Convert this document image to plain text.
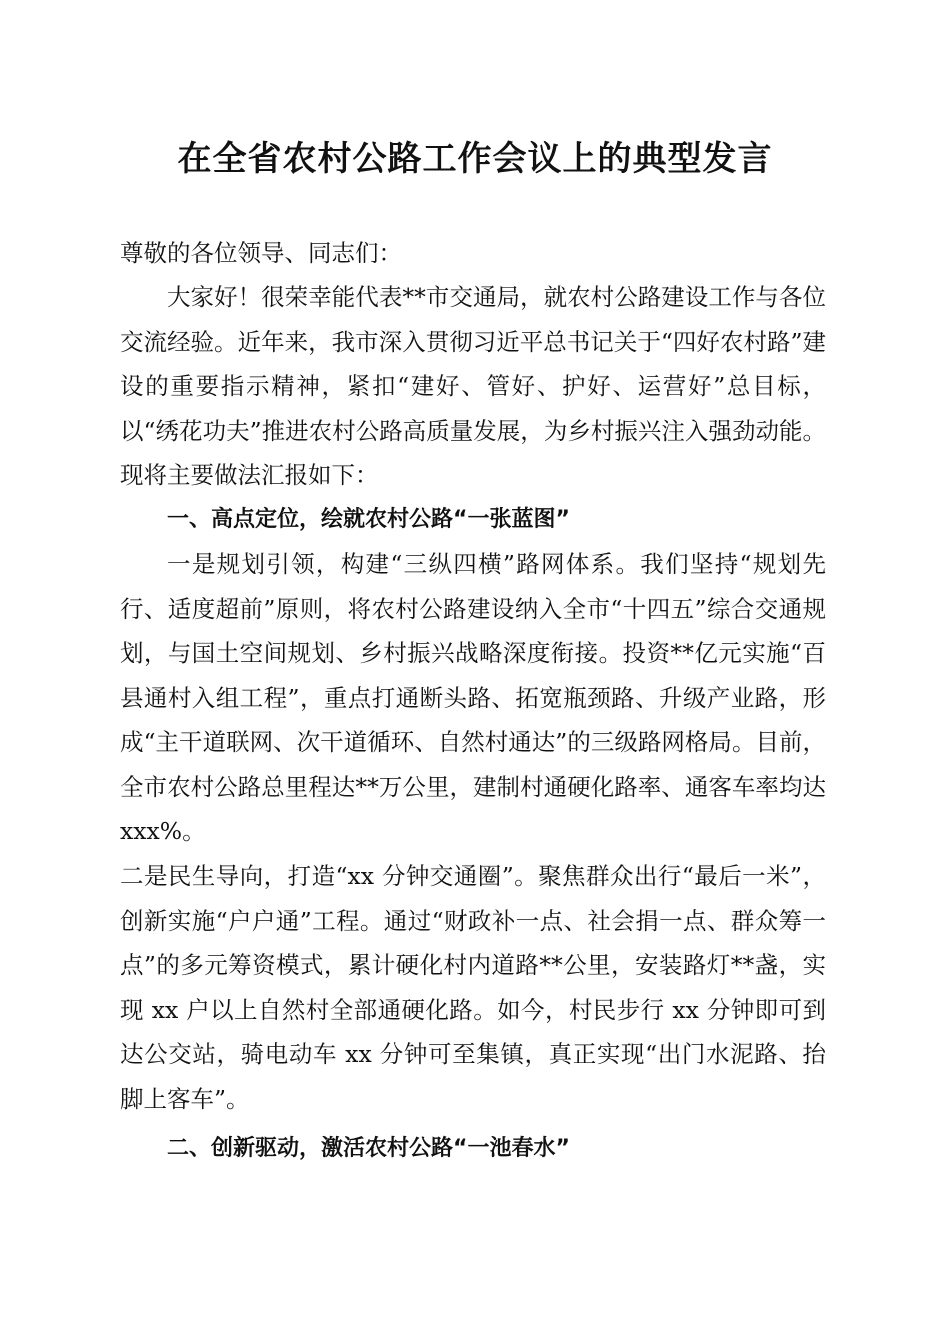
在全省农村公路工作会议上的典型发言

尊敬的各位领导、同志们：

大家好！很荣幸能代表**市交通局，就农村公路建设工作与各位交流经验。近年来，我市深入贯彻习近平总书记关于“四好农村路”建设的重要指示精神，紧扣“建好、管好、护好、运营好”总目标，以“绣花功夫”推进农村公路高质量发展，为乡村振兴注入强劲动能。现将主要做法汇报如下：

一、高点定位，绘就农村公路“一张蓝图”

一是规划引领，构建“三纵四横”路网体系。我们坚持“规划先行、适度超前”原则，将农村公路建设纳入全市“十四五”综合交通规划，与国土空间规划、乡村振兴战略深度衔接。投资**亿元实施“百县通村入组工程”，重点打通断头路、拓宽瓶颈路、升级产业路，形成“主干道联网、次干道循环、自然村通达”的三级路网格局。目前，全市农村公路总里程达**万公里，建制村通硬化路率、通客车率均达 xxx%。

二是民生导向，打造“xx 分钟交通圈”。聚焦群众出行“最后一米”，创新实施“户户通”工程。通过“财政补一点、社会捐一点、群众筹一点”的多元筹资模式，累计硬化村内道路**公里，安装路灯**盏，实现 xx 户以上自然村全部通硬化路。如今，村民步行 xx 分钟即可到达公交站，骑电动车 xx 分钟可至集镇，真正实现“出门水泥路、抬脚上客车”。

二、创新驱动，激活农村公路“一池春水”
